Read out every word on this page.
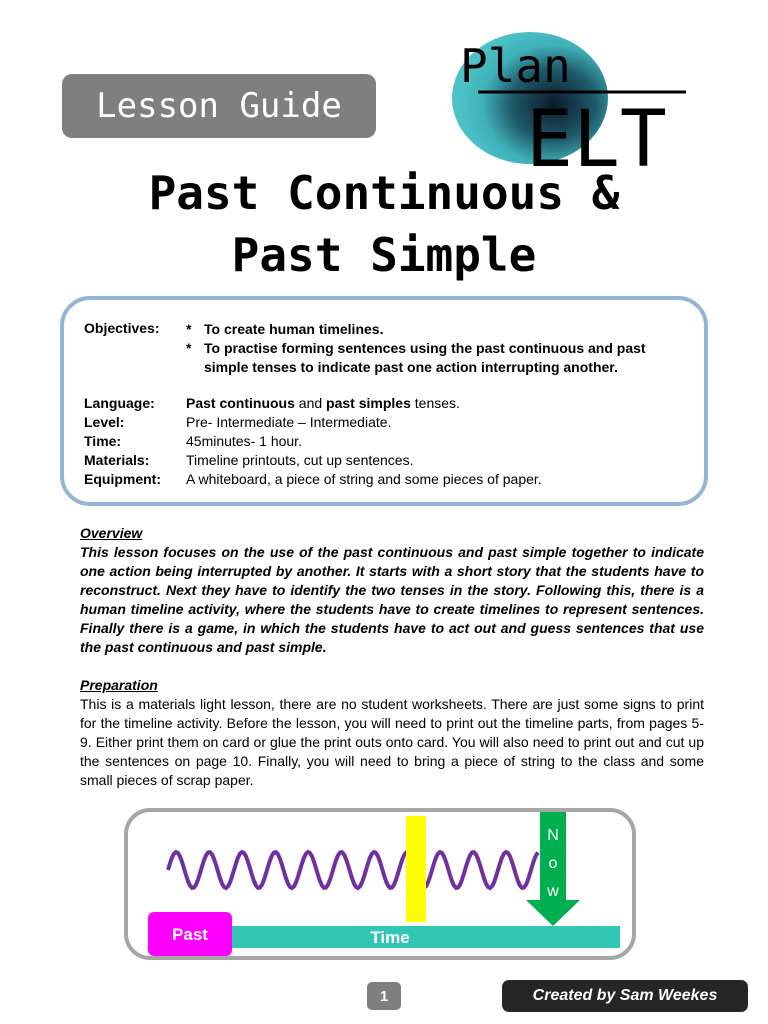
Lesson Guide
Plan
ELT
Past Continuous &
Past Simple
Objectives: * To create human timelines.
* To practise forming sentences using the past continuous and past simple tenses to indicate past one action interrupting another.
Language:	Past continuous and past simples tenses.
Level:	Pre- Intermediate – Intermediate.
Time:	45minutes- 1 hour.
Materials:	Timeline printouts, cut up sentences.
Equipment:	A whiteboard, a piece of string and some pieces of paper.
Overview
This lesson focuses on the use of the past continuous and past simple together to indicate one action being interrupted by another. It starts with a short story that the students have to reconstruct. Next they have to identify the two tenses in the story. Following this, there is a human timeline activity, where the students have to create timelines to represent sentences. Finally there is a game, in which the students have to act out and guess sentences that use the past continuous and past simple.
Preparation
This is a materials light lesson, there are no student worksheets. There are just some signs to print for the timeline activity. Before the lesson, you will need to print out the timeline parts, from pages 5-9. Either print them on card or glue the print outs onto card. You will also need to print out and cut up the sentences on page 10. Finally, you will need to bring a piece of string to the class and some small pieces of scrap paper.
N
o
w
Time
Past
1	Created by Sam Weekes
